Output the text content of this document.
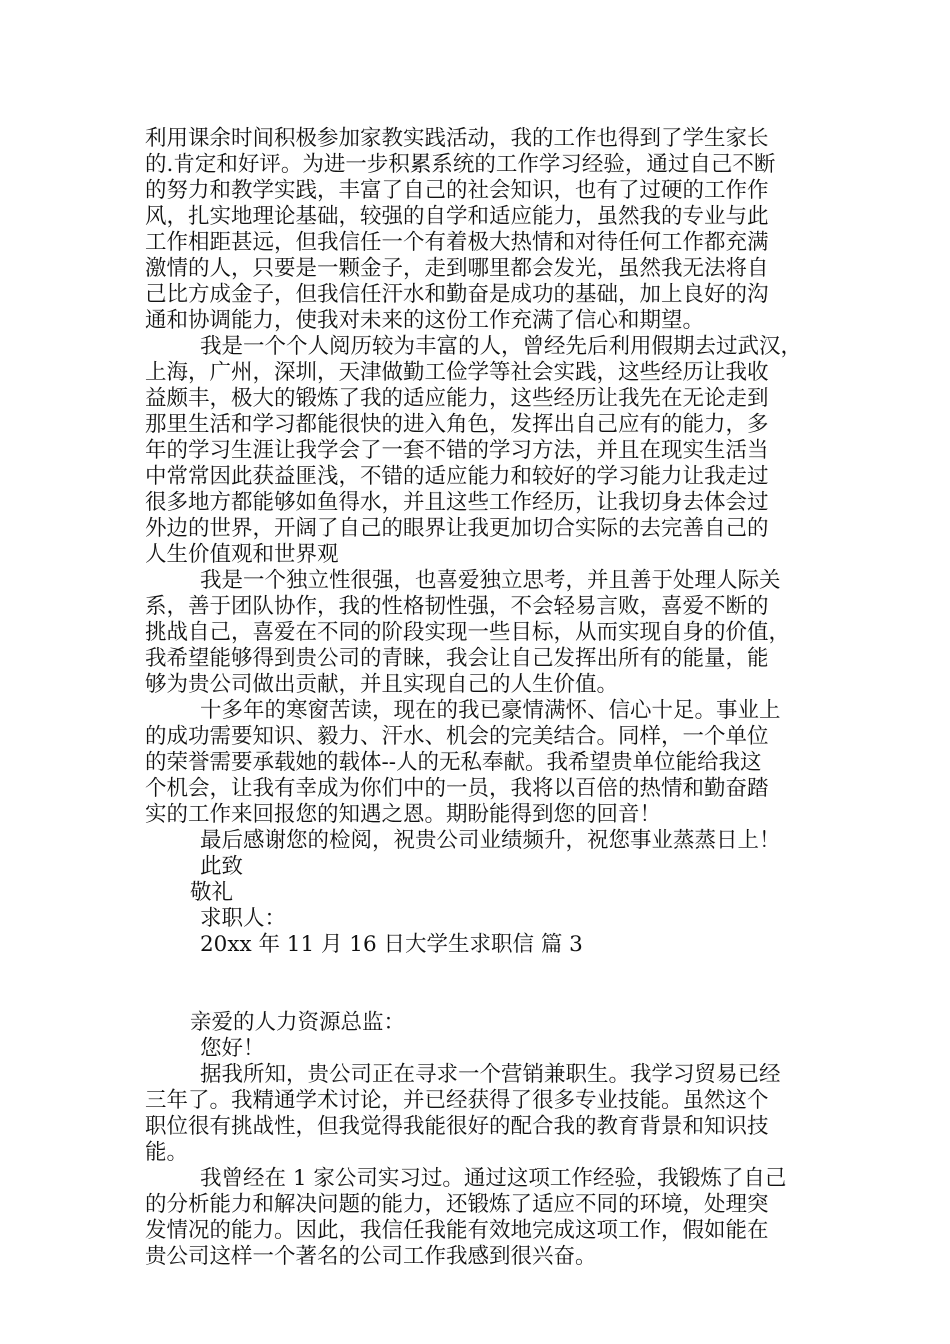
利用课余时间积极参加家教实践活动，我的工作也得到了学生家长
的.肯定和好评。为进一步积累系统的工作学习经验，通过自己不断
的努力和教学实践，丰富了自己的社会知识，也有了过硬的工作作
风，扎实地理论基础，较强的自学和适应能力，虽然我的专业与此
工作相距甚远，但我信任一个有着极大热情和对待任何工作都充满
激情的人，只要是一颗金子，走到哪里都会发光，虽然我无法将自
己比方成金子，但我信任汗水和勤奋是成功的基础，加上良好的沟
通和协调能力，使我对未来的这份工作充满了信心和期望。
我是一个个人阅历较为丰富的人，曾经先后利用假期去过武汉，
上海，广州，深圳，天津做勤工俭学等社会实践，这些经历让我收
益颇丰，极大的锻炼了我的适应能力，这些经历让我先在无论走到
那里生活和学习都能很快的进入角色，发挥出自己应有的能力，多
年的学习生涯让我学会了一套不错的学习方法，并且在现实生活当
中常常因此获益匪浅，不错的适应能力和较好的学习能力让我走过
很多地方都能够如鱼得水，并且这些工作经历，让我切身去体会过
外边的世界，开阔了自己的眼界让我更加切合实际的去完善自己的
人生价值观和世界观
我是一个独立性很强，也喜爱独立思考，并且善于处理人际关
系，善于团队协作，我的性格韧性强，不会轻易言败，喜爱不断的
挑战自己，喜爱在不同的阶段实现一些目标，从而实现自身的价值，
我希望能够得到贵公司的青睐，我会让自己发挥出所有的能量，能
够为贵公司做出贡献，并且实现自己的人生价值。
十多年的寒窗苦读，现在的我已豪情满怀、信心十足。事业上
的成功需要知识、毅力、汗水、机会的完美结合。同样，一个单位
的荣誉需要承载她的载体--人的无私奉献。我希望贵单位能给我这
个机会，让我有幸成为你们中的一员，我将以百倍的热情和勤奋踏
实的工作来回报您的知遇之恩。期盼能得到您的回音！
最后感谢您的检阅，祝贵公司业绩频升，祝您事业蒸蒸日上！
此致
敬礼
求职人：
20xx 年 11 月 16 日大学生求职信 篇 3
亲爱的人力资源总监：
您好！
据我所知，贵公司正在寻求一个营销兼职生。我学习贸易已经
三年了。我精通学术讨论，并已经获得了很多专业技能。虽然这个
职位很有挑战性，但我觉得我能很好的配合我的教育背景和知识技
能。
我曾经在 1 家公司实习过。通过这项工作经验，我锻炼了自己
的分析能力和解决问题的能力，还锻炼了适应不同的环境，处理突
发情况的能力。因此，我信任我能有效地完成这项工作，假如能在
贵公司这样一个著名的公司工作我感到很兴奋。
